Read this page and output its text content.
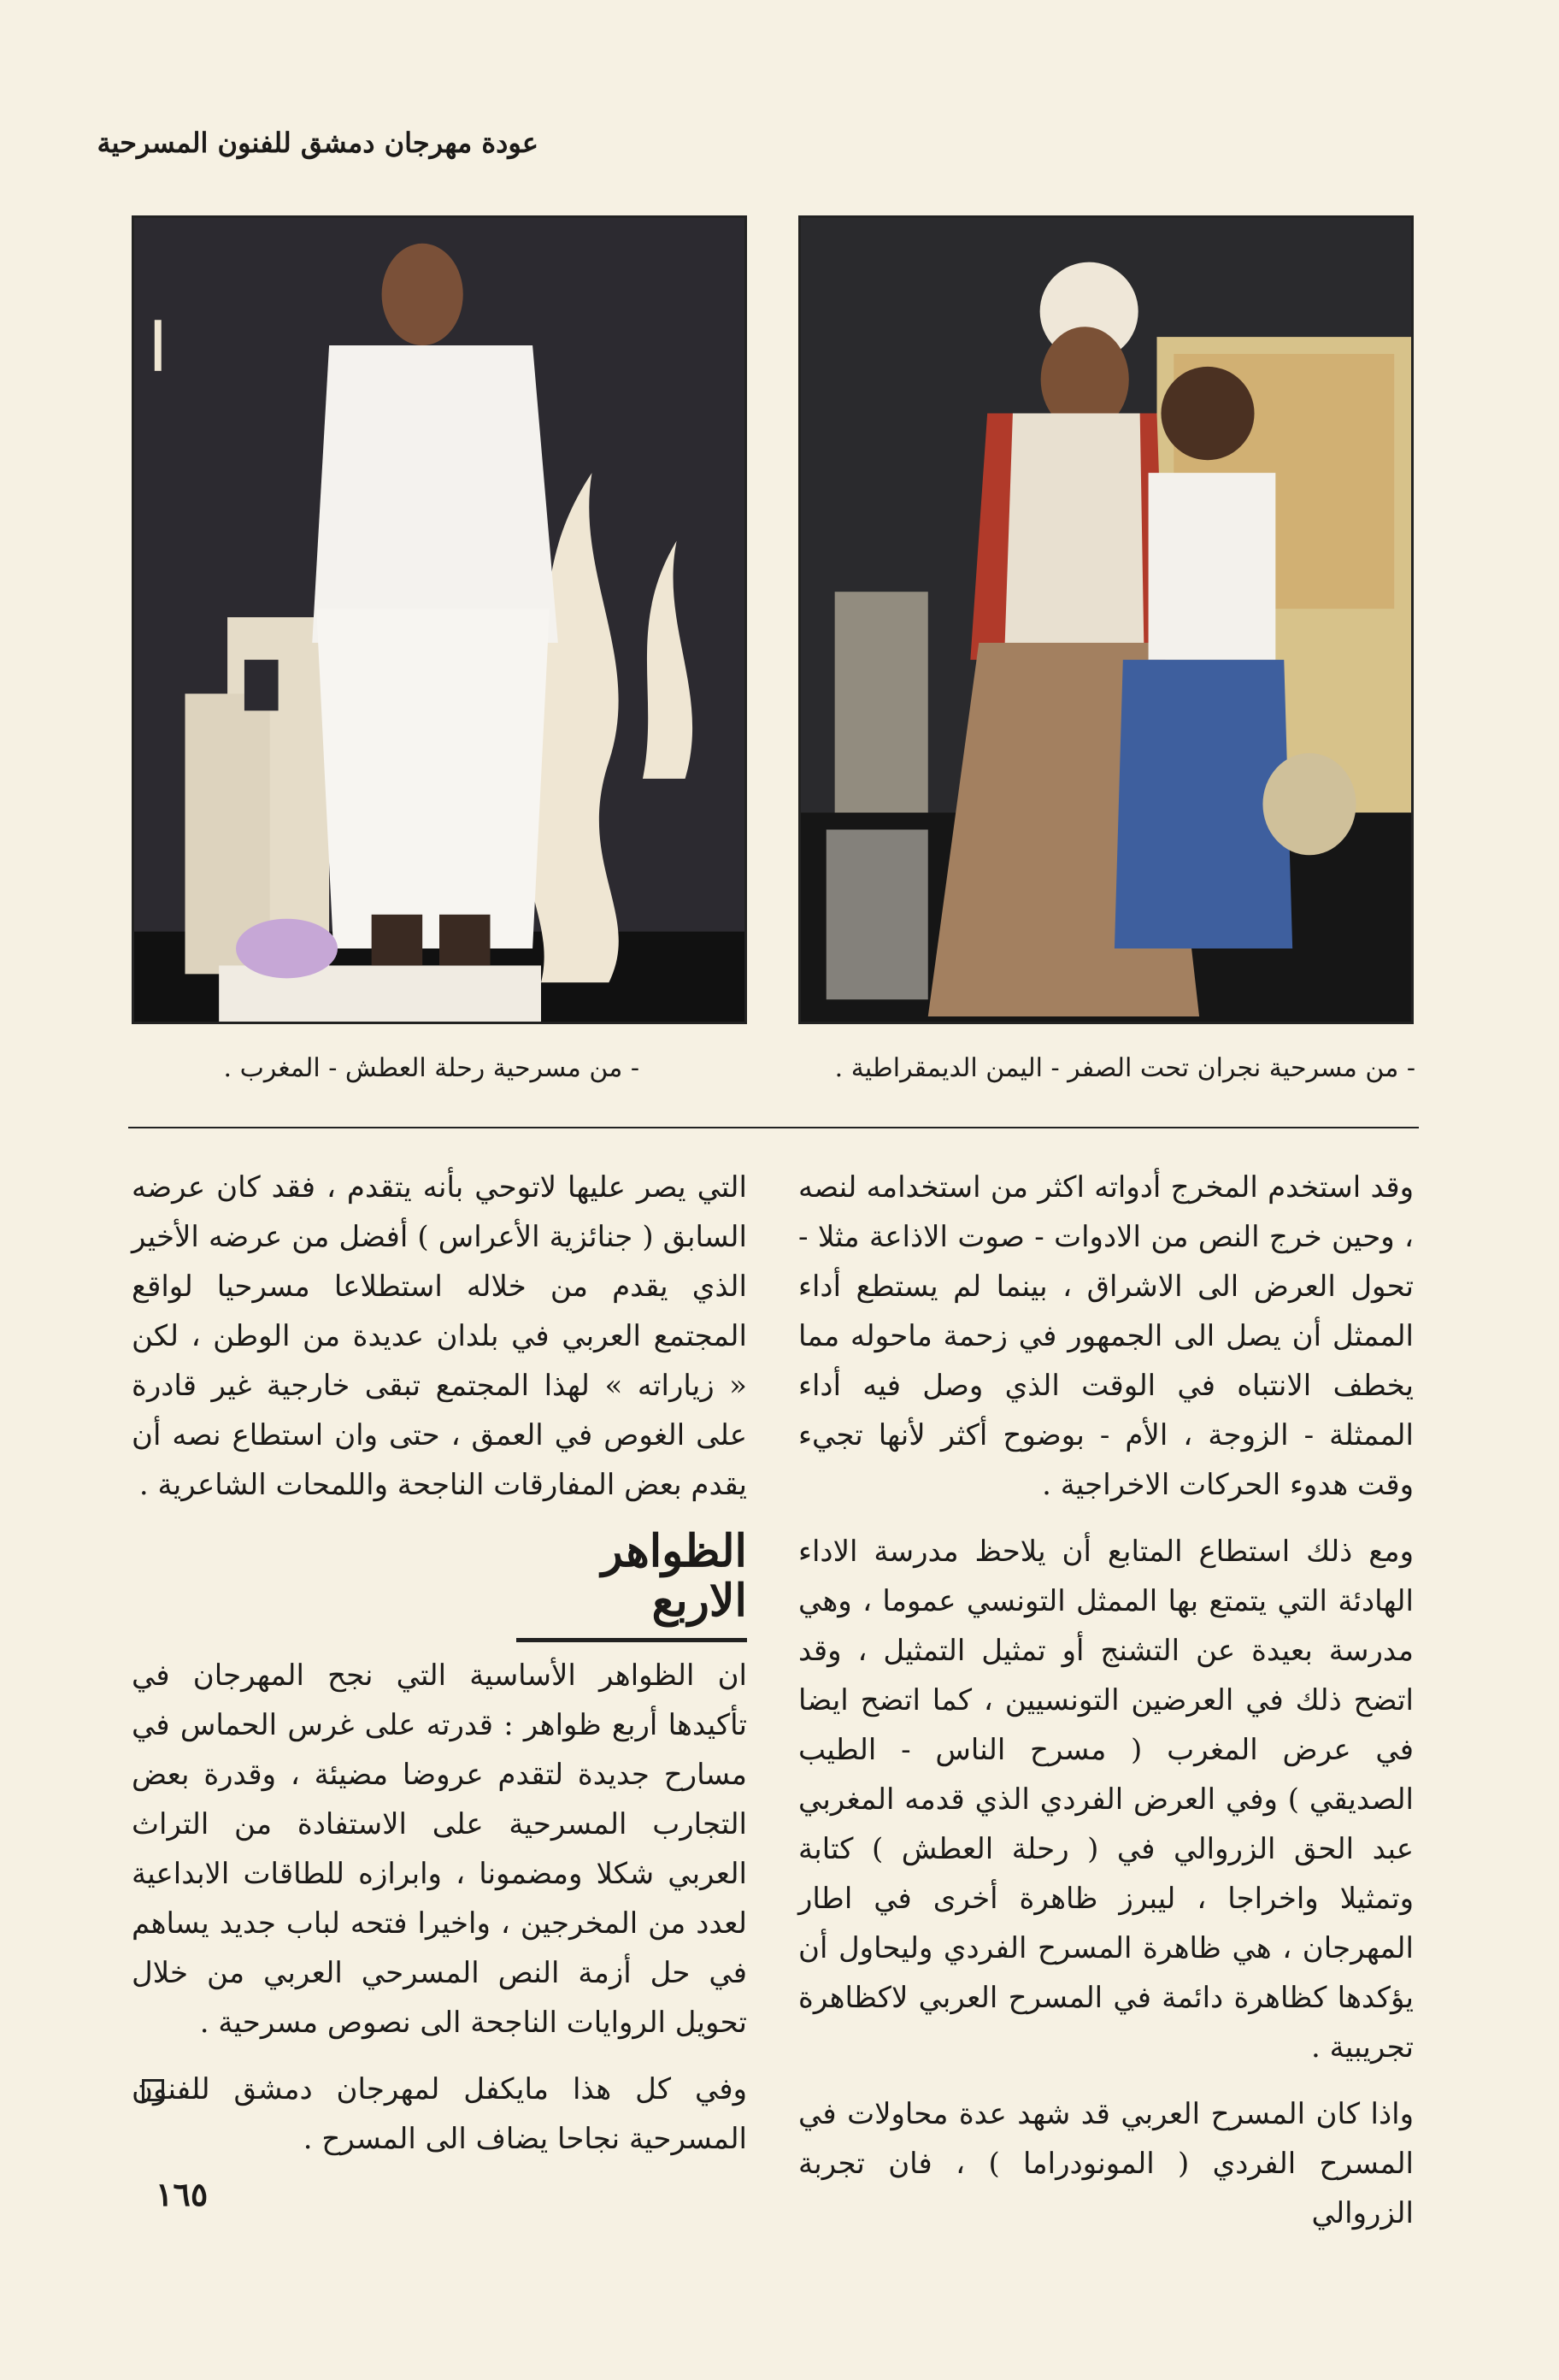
عودة مهرجان دمشق للفنون المسرحية
- من مسرحية نجران تحت الصفر - اليمن الديمقراطية .
- من مسرحية رحلة العطش - المغرب .

وقد استخدم المخرج أدواته اكثر من استخدامه لنصه ، وحين خرج النص من الادوات - صوت الاذاعة مثلا - تحول العرض الى الاشراق ، بينما لم يستطع أداء الممثل أن يصل الى الجمهور في زحمة ماحوله مما يخطف الانتباه في الوقت الذي وصل فيه أداء الممثلة - الزوجة ، الأم - بوضوح أكثر لأنها تجيء وقت هدوء الحركات الاخراجية .

ومع ذلك استطاع المتابع أن يلاحظ مدرسة الاداء الهادئة التي يتمتع بها الممثل التونسي عموما ، وهي مدرسة بعيدة عن التشنج أو تمثيل التمثيل ، وقد اتضح ذلك في العرضين التونسيين ، كما اتضح ايضا في عرض المغرب ( مسرح الناس - الطيب الصديقي ) وفي العرض الفردي الذي قدمه المغربي عبد الحق الزروالي في ( رحلة العطش ) كتابة وتمثيلا واخراجا ، ليبرز ظاهرة أخرى في اطار المهرجان ، هي ظاهرة المسرح الفردي وليحاول أن يؤكدها كظاهرة دائمة في المسرح العربي لاكظاهرة تجريبية .

واذا كان المسرح العربي قد شهد عدة محاولات في المسرح الفردي ( المونودراما ) ، فان تجربة الزروالي

التي يصر عليها لاتوحي بأنه يتقدم ، فقد كان عرضه السابق ( جنائزية الأعراس ) أفضل من عرضه الأخير الذي يقدم من خلاله استطلاعا مسرحيا لواقع المجتمع العربي في بلدان عديدة من الوطن ، لكن « زياراته » لهذا المجتمع تبقى خارجية غير قادرة على الغوص في العمق ، حتى وان استطاع نصه أن يقدم بعض المفارقات الناجحة واللمحات الشاعرية .

الظواهر الاربع

ان الظواهر الأساسية التي نجح المهرجان في تأكيدها أربع ظواهر : قدرته على غرس الحماس في مسارح جديدة لتقدم عروضا مضيئة ، وقدرة بعض التجارب المسرحية على الاستفادة من التراث العربي شكلا ومضمونا ، وابرازه للطاقات الابداعية لعدد من المخرجين ، واخيرا فتحه لباب جديد يساهم في حل أزمة النص المسرحي العربي من خلال تحويل الروايات الناجحة الى نصوص مسرحية .

وفي كل هذا مايكفل لمهرجان دمشق للفنون المسرحية نجاحا يضاف الى المسرح .

١٦٥
